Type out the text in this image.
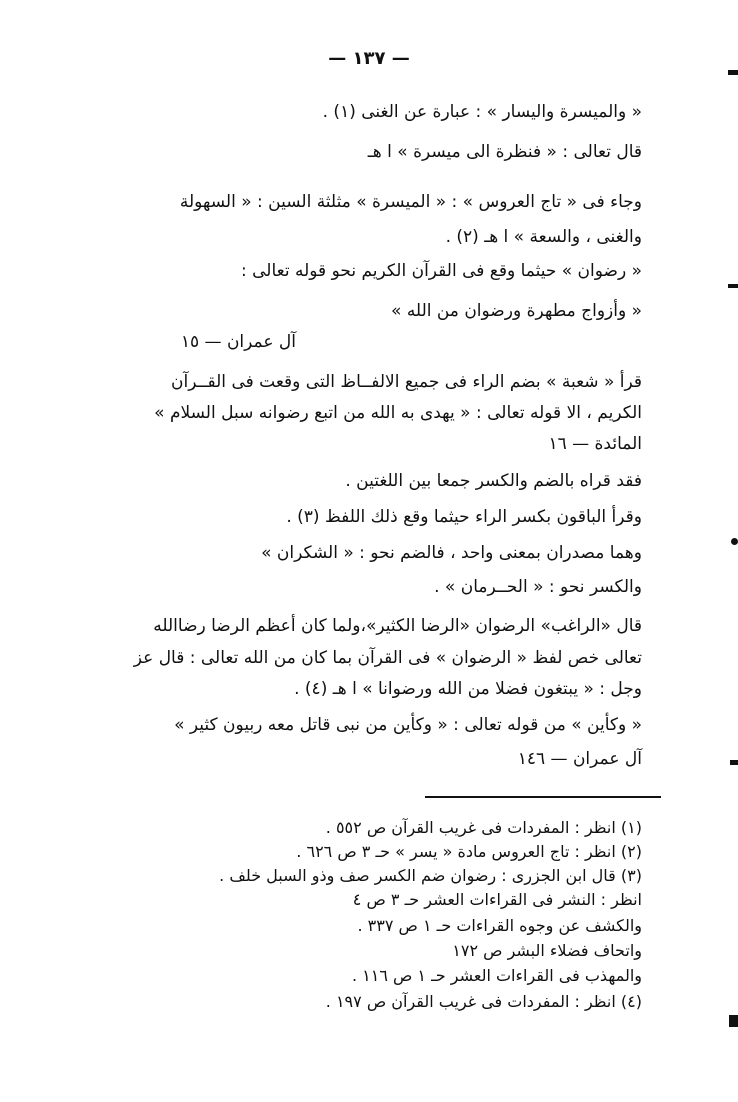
— ١٣٧ —
« والميسرة واليسار » : عبارة عن الغنى (١) .
قال تعالى : « فنظرة الى ميسرة » ا هـ
وجاء فى « تاج العروس » : « الميسرة » مثلثة السين : « السهولة
والغنى ، والسعة » ا هـ (٢) .
« رضوان » حيثما وقع فى القرآن الكريم نحو قوله تعالى :
« وأزواج مطهرة ورضوان من الله »
آل عمران — ١٥
قرأ « شعبة » بضم الراء فى جميع الالفــاظ التى وقعت فى القــرآن
الكريم ، الا قوله تعالى : « يهدى به الله من اتبع رضوانه سبل السلام »
المائدة — ١٦
فقد قراه بالضم والكسر جمعا بين اللغتين .
وقرأ الباقون بكسر الراء حيثما وقع ذلك اللفظ (٣) .
وهما مصدران بمعنى واحد ، فالضم نحو : « الشكران »
والكسر نحو : « الحــرمان » .
قال «الراغب» الرضوان «الرضا الكثير»،ولما كان أعظم الرضا رضاالله
تعالى خص لفظ « الرضوان » فى القرآن بما كان من الله تعالى : قال عز
وجل : « يبتغون فضلا من الله ورضوانا » ا هـ (٤) .
« وكأين » من قوله تعالى : « وكأين من نبى قاتل معه ربيون كثير »
آل عمران — ١٤٦
(١) انظر : المفردات فى غريب القرآن ص ٥٥٢ .
(٢) انظر : تاج العروس مادة « يسر » حـ ٣ ص ٦٢٦ .
(٣) قال ابن الجزرى : رضوان ضم الكسر صف وذو السبل خلف .
انظر : النشر فى القراءات العشر حـ ٣ ص ٤
والكشف عن وجوه القراءات حـ ١ ص ٣٣٧ .
واتحاف فضلاء البشر ص ١٧٢
والمهذب فى القراءات العشر حـ ١ ص ١١٦ .
(٤) انظر : المفردات فى غريب القرآن ص ١٩٧ .
